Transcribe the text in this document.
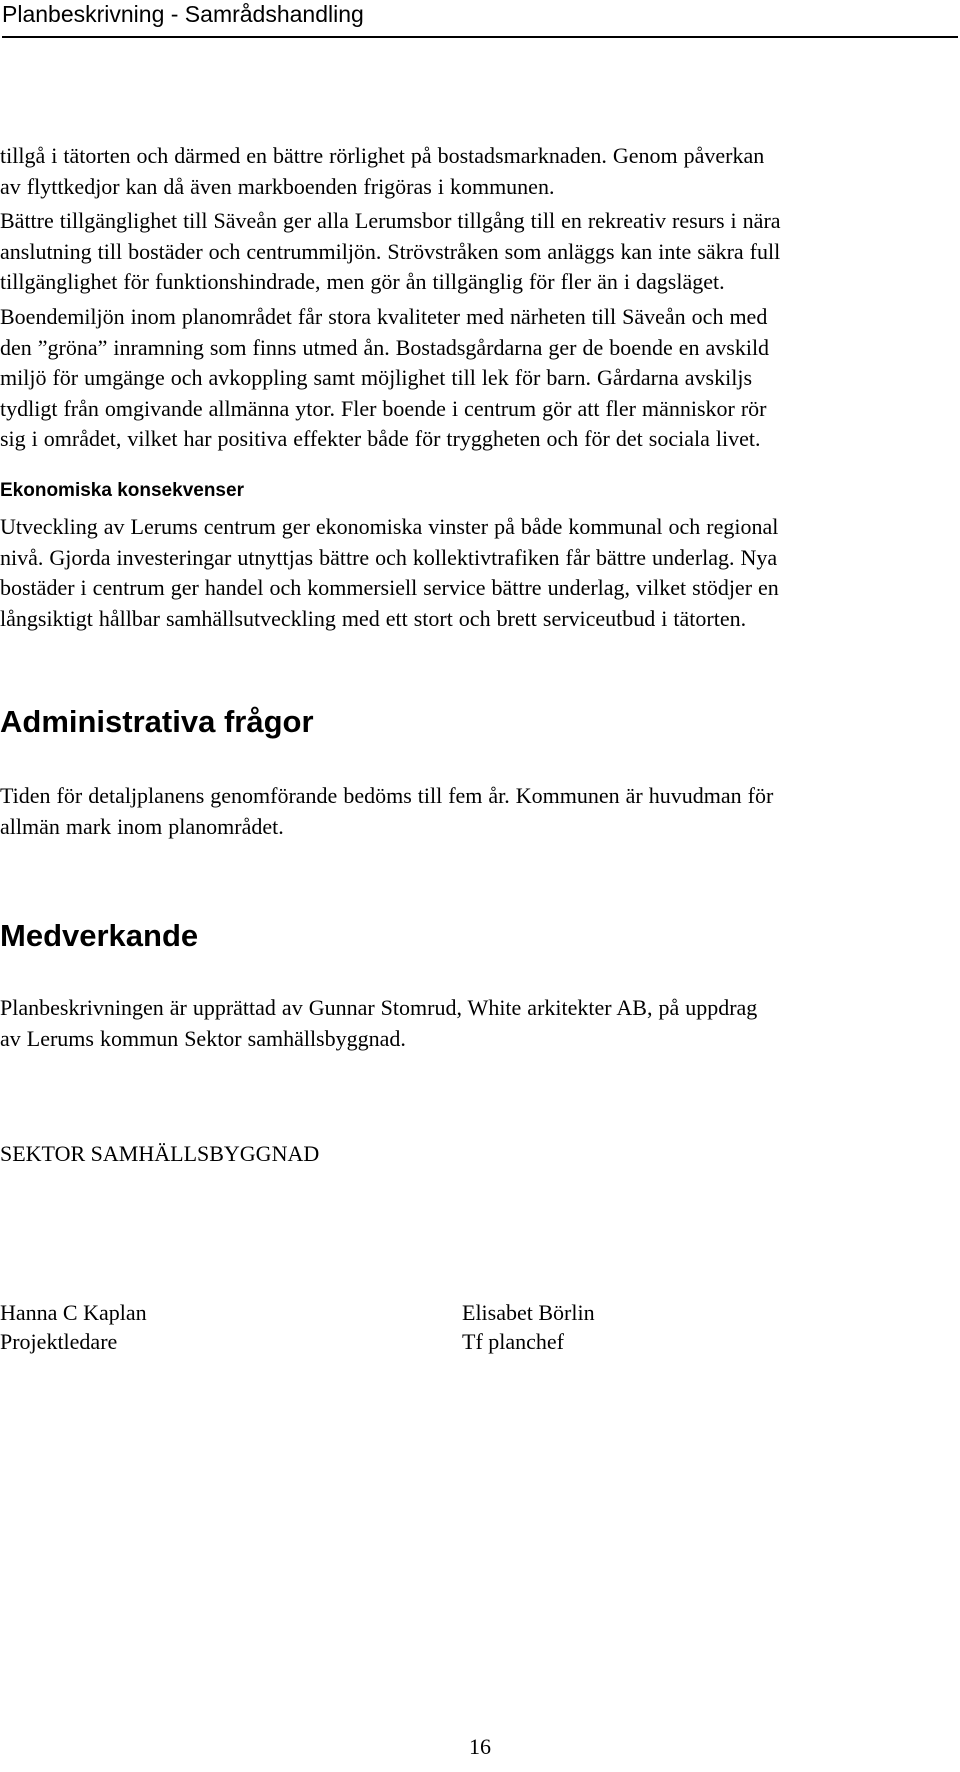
Planbeskrivning - Samrådshandling

tillgå i tätorten och därmed en bättre rörlighet på bostadsmarknaden. Genom påverkan
av flyttkedjor kan då även markboenden frigöras i kommunen.

Bättre tillgänglighet till Säveån ger alla Lerumsbor tillgång till en rekreativ resurs i nära
anslutning till bostäder och centrummiljön. Strövstråken som anläggs kan inte säkra full
tillgänglighet för funktionshindrade, men gör ån tillgänglig för fler än i dagsläget.

Boendemiljön inom planområdet får stora kvaliteter med närheten till Säveån och med
den ”gröna” inramning som finns utmed ån. Bostadsgårdarna ger de boende en avskild
miljö för umgänge och avkoppling samt möjlighet till lek för barn. Gårdarna avskiljs
tydligt från omgivande allmänna ytor. Fler boende i centrum gör att fler människor rör
sig i området, vilket har positiva effekter både för tryggheten och för det sociala livet.

Ekonomiska konsekvenser

Utveckling av Lerums centrum ger ekonomiska vinster på både kommunal och regional
nivå. Gjorda investeringar utnyttjas bättre och kollektivtrafiken får bättre underlag. Nya
bostäder i centrum ger handel och kommersiell service bättre underlag, vilket stödjer en
långsiktigt hållbar samhällsutveckling med ett stort och brett serviceutbud i tätorten.

Administrativa frågor

Tiden för detaljplanens genomförande bedöms till fem år. Kommunen är huvudman för
allmän mark inom planområdet.

Medverkande

Planbeskrivningen är upprättad av Gunnar Stomrud, White arkitekter AB, på uppdrag
av Lerums kommun Sektor samhällsbyggnad.

SEKTOR SAMHÄLLSBYGGNAD
Hanna C Kaplan
Projektledare
Elisabet Börlin
Tf planchef
16
